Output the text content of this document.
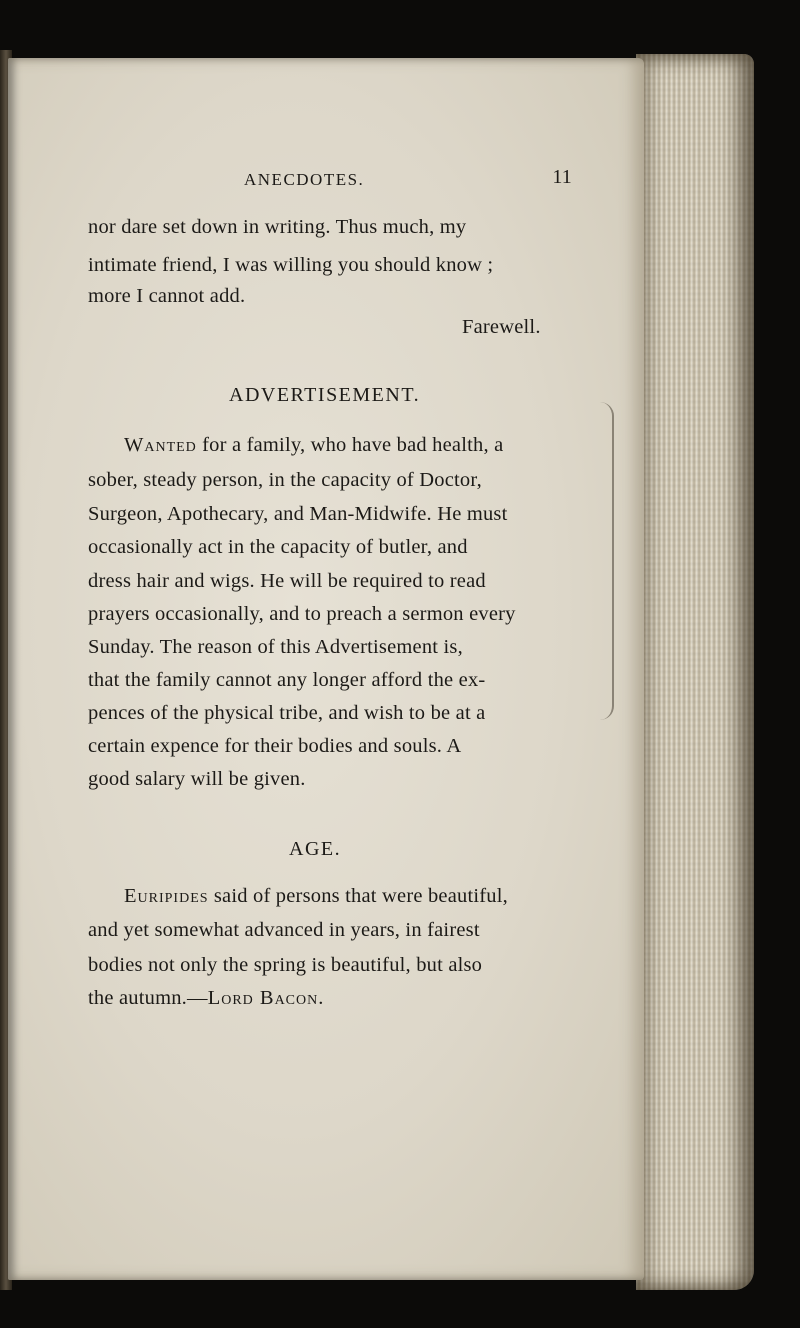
ANECDOTES.	11
nor dare set down in writing. Thus much, my
intimate friend, I was willing you should know ;
more I cannot add.
Farewell.
ADVERTISEMENT.
Wanted for a family, who have bad health, a
sober, steady person, in the capacity of Doctor,
Surgeon, Apothecary, and Man-Midwife. He must
occasionally act in the capacity of butler, and
dress hair and wigs. He will be required to read
prayers occasionally, and to preach a sermon every
Sunday. The reason of this Advertisement is,
that the family cannot any longer afford the ex-
pences of the physical tribe, and wish to be at a
certain expence for their bodies and souls. A
good salary will be given.
AGE.
Euripides said of persons that were beautiful,
and yet somewhat advanced in years, in fairest
bodies not only the spring is beautiful, but also
the autumn.—Lord Bacon.
